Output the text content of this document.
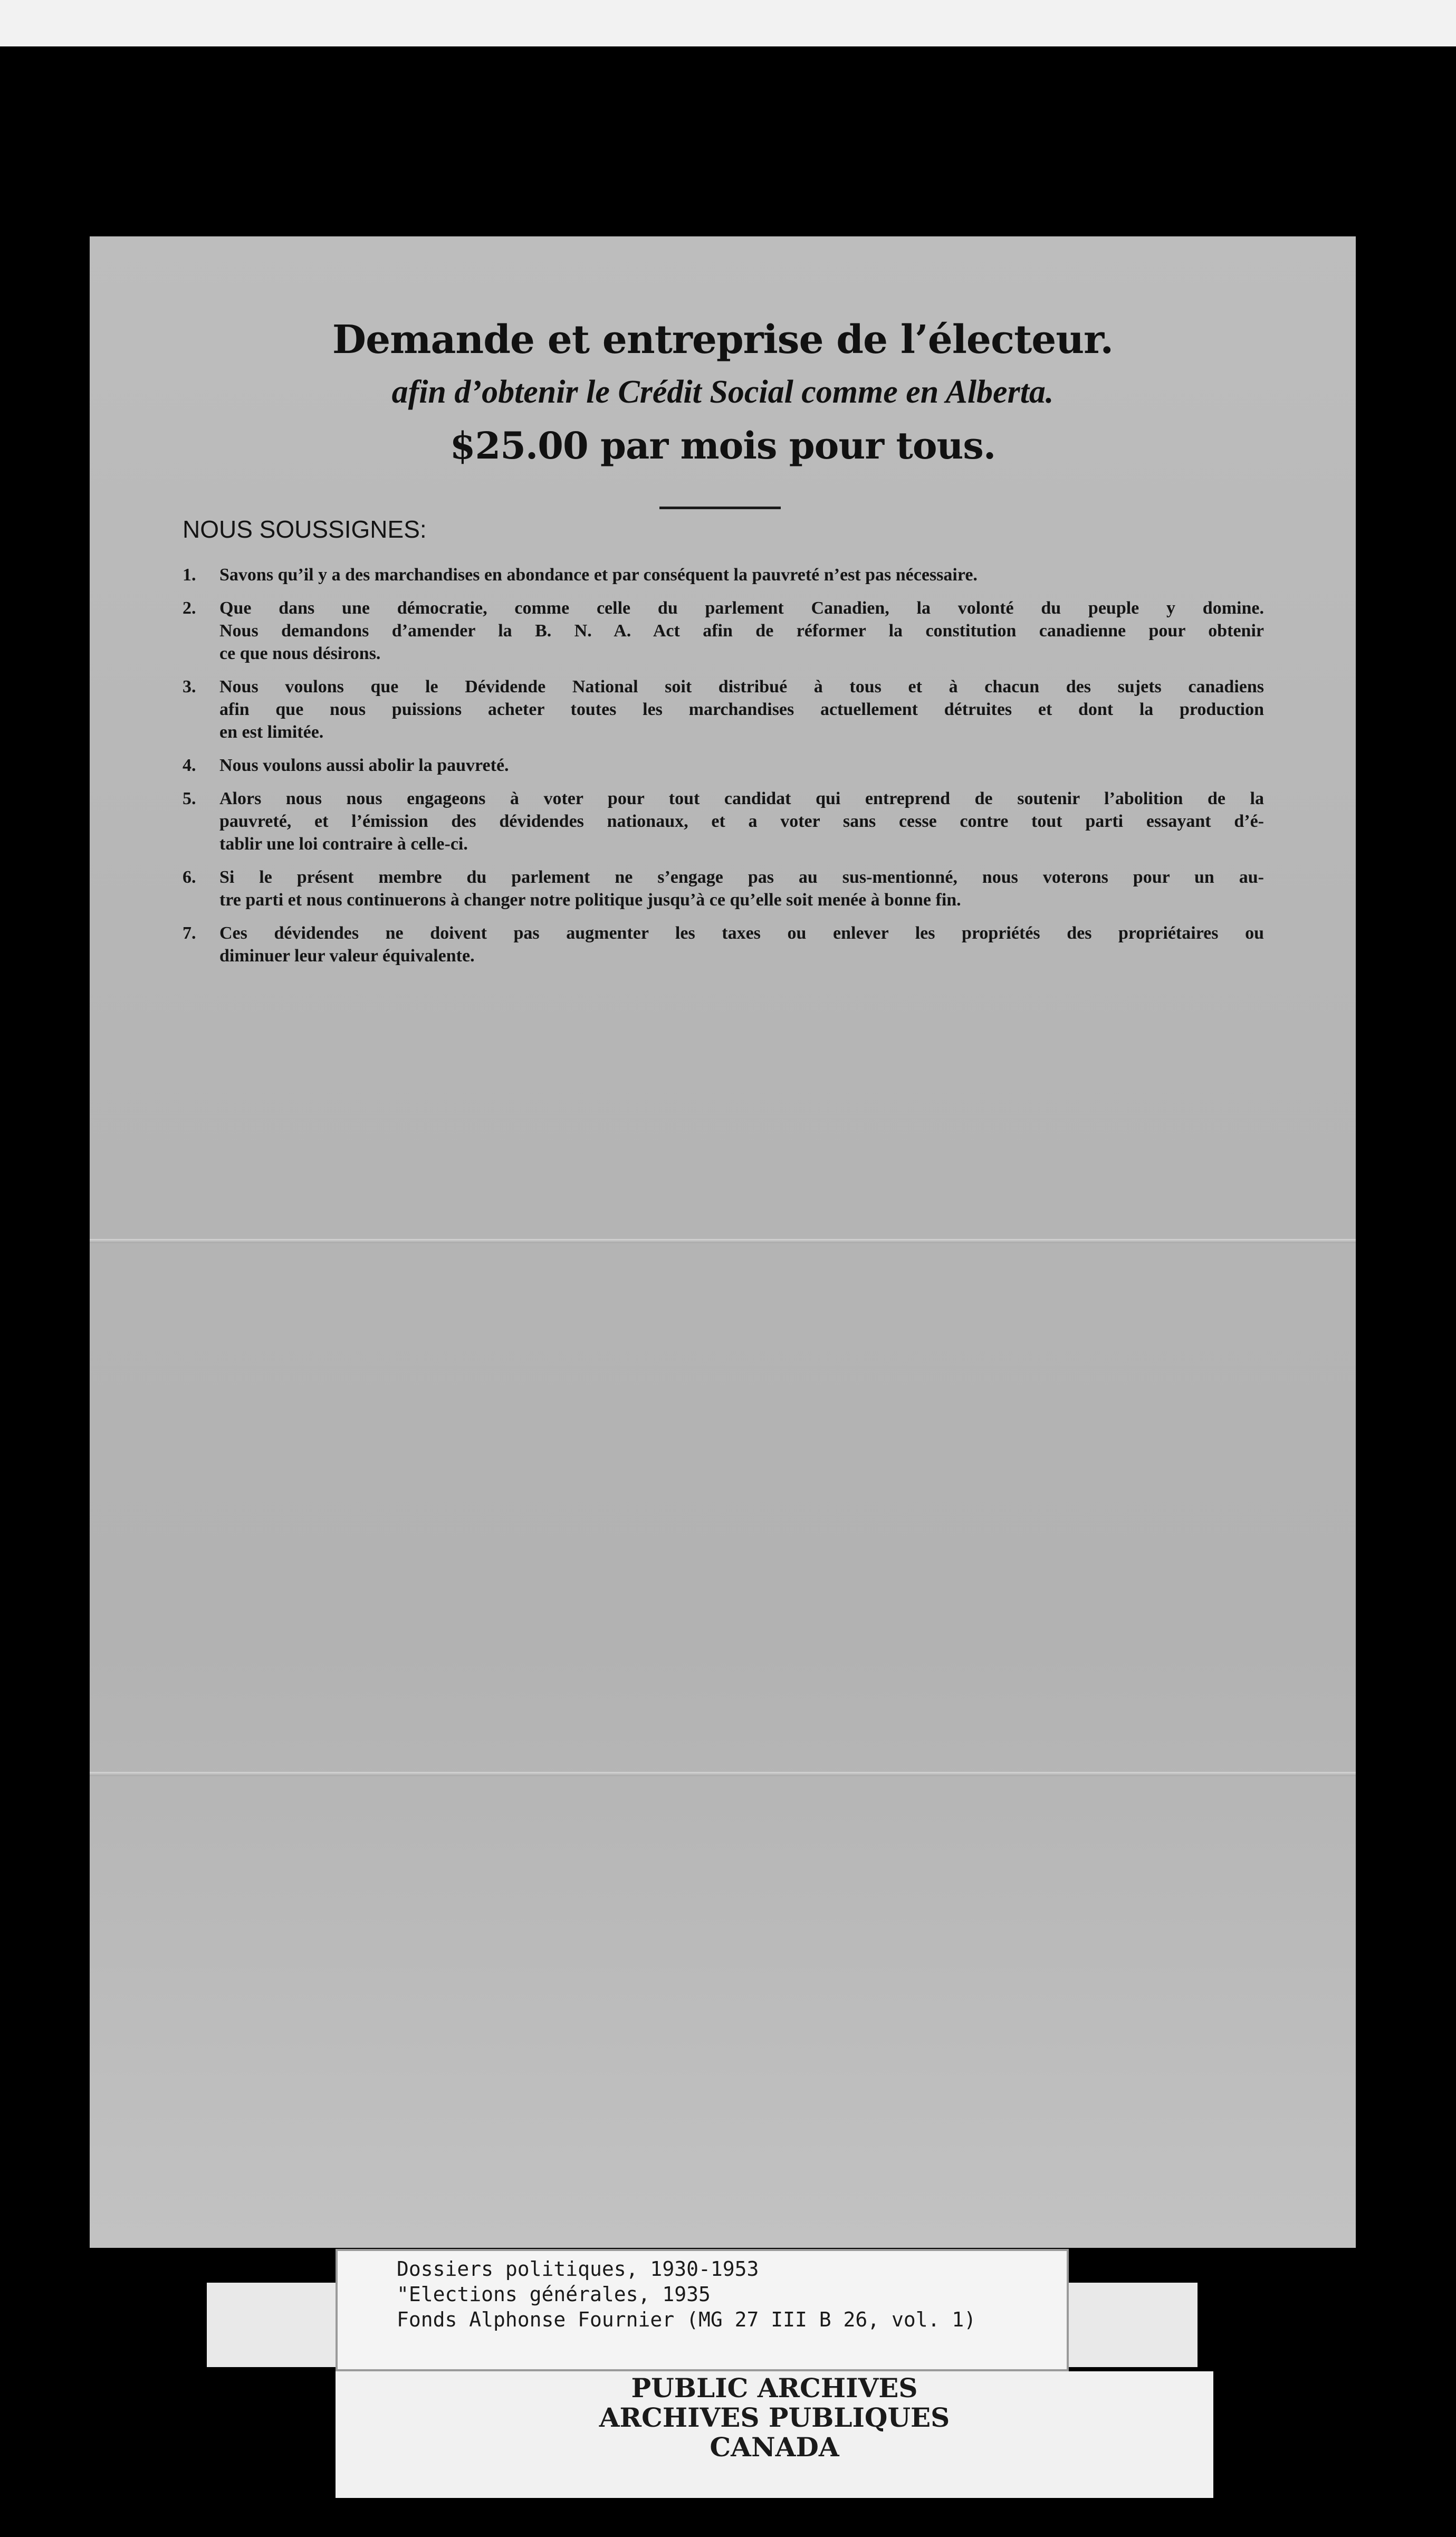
Demande et entreprise de l’électeur.
afin d’obtenir le Crédit Social comme en Alberta.
$25.00 par mois pour tous.
NOUS SOUSSIGNES:
1. Savons qu’il y a des marchandises en abondance et par conséquent la pauvreté n’est pas nécessaire.
2. Que dans une démocratie, comme celle du parlement Canadien, la volonté du peuple y domine.
Nous demandons d’amender la B. N. A. Act afin de réformer la constitution canadienne pour obtenir
ce que nous désirons.
3. Nous voulons que le Dévidende National soit distribué à tous et à chacun des sujets canadiens
afin que nous puissions acheter toutes les marchandises actuellement détruites et dont la production
en est limitée.
4. Nous voulons aussi abolir la pauvreté.
5. Alors nous nous engageons à voter pour tout candidat qui entreprend de soutenir l’abolition de la
pauvreté, et l’émission des dévidendes nationaux, et a voter sans cesse contre tout parti essayant d’é-
tablir une loi contraire à celle-ci.
6. Si le présent membre du parlement ne s’engage pas au sus-mentionné, nous voterons pour un au-
tre parti et nous continuerons à changer notre politique jusqu’à ce qu’elle soit menée à bonne fin.
7. Ces dévidendes ne doivent pas augmenter les taxes ou enlever les propriétés des propriétaires ou
diminuer leur valeur équivalente.
Dossiers politiques, 1930-1953
"Elections générales, 1935
Fonds Alphonse Fournier (MG 27 III B 26, vol. 1)
PUBLIC ARCHIVES
ARCHIVES PUBLIQUES
CANADA
